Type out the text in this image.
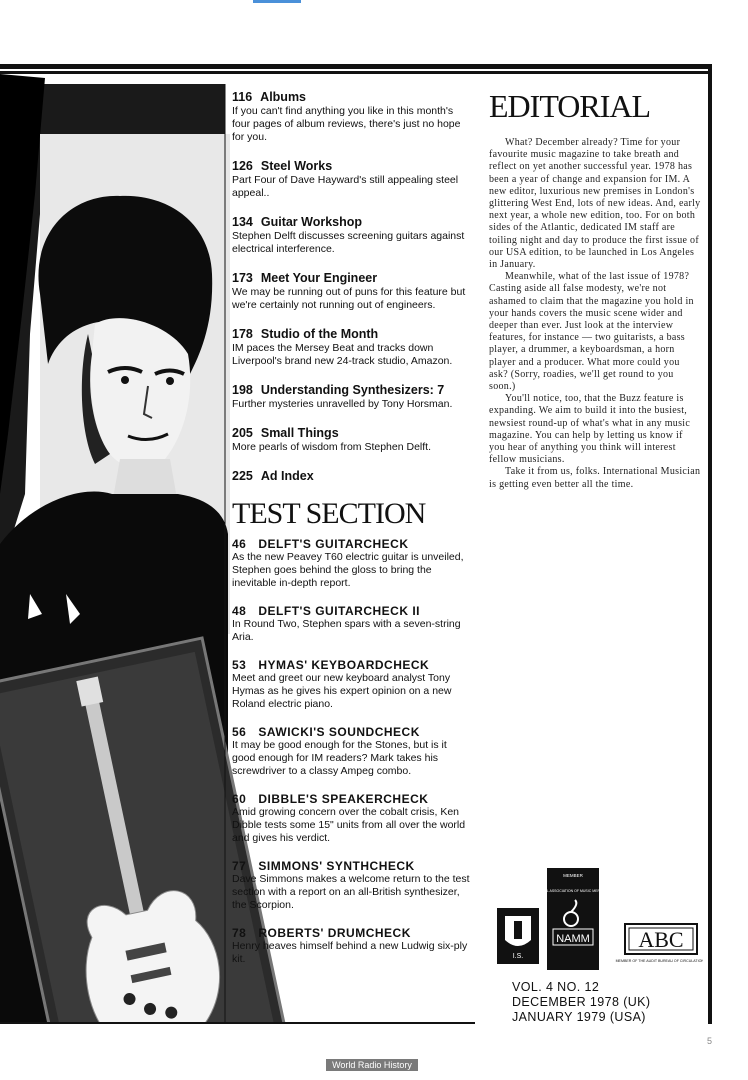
116 Albums
If you can't find anything you like in this month's four pages of album reviews, there's just no hope for you.
126 Steel Works
Part Four of Dave Hayward's still appealing steel appeal..
134 Guitar Workshop
Stephen Delft discusses screening guitars against electrical interference.
173 Meet Your Engineer
We may be running out of puns for this feature but we're certainly not running out of engineers.
178 Studio of the Month
IM paces the Mersey Beat and tracks down Liverpool's brand new 24-track studio, Amazon.
198 Understanding Synthesizers: 7
Further mysteries unravelled by Tony Horsman.
205 Small Things
More pearls of wisdom from Stephen Delft.
225 Ad Index
TEST SECTION
46 DELFT'S GUITARCHECK
As the new Peavey T60 electric guitar is unveiled, Stephen goes behind the gloss to bring the inevitable in-depth report.
48 DELFT'S GUITARCHECK II
In Round Two, Stephen spars with a seven-string Aria.
53 HYMAS' KEYBOARDCHECK
Meet and greet our new keyboard analyst Tony Hymas as he gives his expert opinion on a new Roland electric piano.
56 SAWICKI'S SOUNDCHECK
It may be good enough for the Stones, but is it good enough for IM readers? Mark takes his screwdriver to a classy Ampeg combo.
60 DIBBLE'S SPEAKERCHECK
Amid growing concern over the cobalt crisis, Ken Dibble tests some 15" units from all over the world and gives his verdict.
77 SIMMONS' SYNTHCHECK
Dave Simmons makes a welcome return to the test section with a report on an all-British synthesizer, the Scorpion.
78 ROBERTS' DRUMCHECK
Henry heaves himself behind a new Ludwig six-ply kit.
EDITORIAL

What? December already? Time for your favourite music magazine to take breath and reflect on yet another successful year. 1978 has been a year of change and expansion for IM. A new editor, luxurious new premises in London's glittering West End, lots of new ideas. And, early next year, a whole new edition, too. For on both sides of the Atlantic, dedicated IM staff are toiling night and day to produce the first issue of our USA edition, to be launched in Los Angeles in January.

Meanwhile, what of the last issue of 1978? Casting aside all false modesty, we're not ashamed to claim that the magazine you hold in your hands covers the music scene wider and deeper than ever. Just look at the interview features, for instance — two guitarists, a bass player, a drummer, a keyboardsman, a horn player and a producer. What more could you ask? (Sorry, roadies, we'll get round to you soon.)

You'll notice, too, that the Buzz feature is expanding. We aim to build it into the busiest, newsiest round-up of what's what in any music magazine. You can help by letting us know if you hear of anything you think will interest fellow musicians.

Take it from us, folks. International Musician is getting even better all the time.

I.S.
MEMBER
NATIONAL ASSOCIATION OF MUSIC MERCHANTS
NAMM ABC
MEMBER OF THE AUDIT BUREAU OF CIRCULATIONS
VOL. 4 NO. 12
DECEMBER 1978 (UK)
JANUARY 1979 (USA)
5
World Radio History
